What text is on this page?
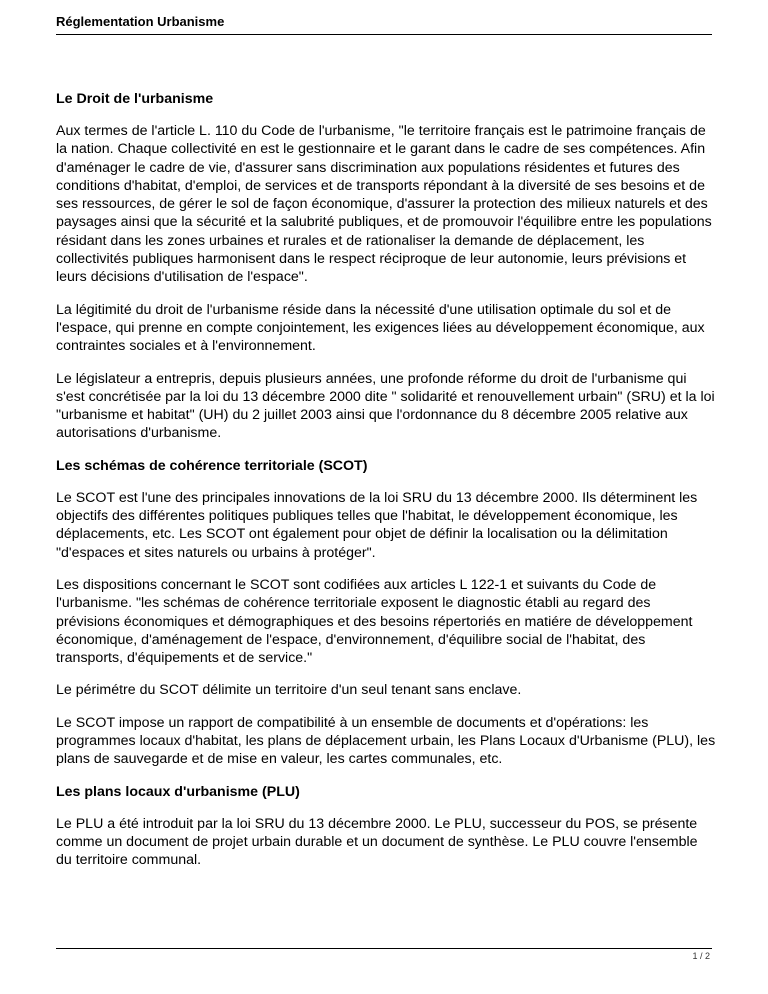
Réglementation Urbanisme
Le Droit de l'urbanisme

Aux termes de l'article L. 110 du Code de l'urbanisme, "le territoire français est le patrimoine français de la nation. Chaque collectivité en est le gestionnaire et le garant dans le cadre de ses compétences. Afin d'aménager le cadre de vie, d'assurer sans discrimination aux populations résidentes et futures des conditions d'habitat, d'emploi, de services et de transports répondant à la diversité de ses besoins et de ses ressources, de gérer le sol de façon économique, d'assurer la protection des milieux naturels et des paysages ainsi que la sécurité et la salubrité publiques, et de promouvoir l'équilibre entre les populations résidant dans les zones urbaines et rurales et de rationaliser la demande de déplacement, les collectivités publiques harmonisent dans le respect réciproque de leur autonomie, leurs prévisions et leurs décisions d'utilisation de l'espace".

La légitimité du droit de l'urbanisme réside dans la nécessité d'une utilisation optimale du sol et de l'espace, qui prenne en compte conjointement, les exigences liées au développement économique, aux contraintes sociales et à l'environnement.

Le législateur a entrepris, depuis plusieurs années, une profonde réforme du droit de l'urbanisme qui s'est concrétisée par la loi du 13 décembre 2000 dite " solidarité et renouvellement urbain" (SRU) et la loi "urbanisme et habitat" (UH) du 2 juillet 2003 ainsi que l'ordonnance du 8 décembre 2005 relative aux autorisations d'urbanisme.

Les schémas de cohérence territoriale (SCOT)

Le SCOT est l'une des principales innovations de la loi SRU du 13 décembre 2000. Ils déterminent les objectifs des différentes politiques publiques telles que l'habitat, le développement économique, les déplacements, etc. Les SCOT ont également pour objet de définir la localisation ou la délimitation "d'espaces et sites naturels ou urbains à protéger".

Les dispositions concernant le SCOT sont codifiées aux articles L 122-1 et suivants du Code de l'urbanisme. "les schémas de cohérence territoriale exposent le diagnostic établi au regard des prévisions économiques et démographiques et des besoins répertoriés en matiére de développement économique, d'aménagement de l'espace, d'environnement, d'équilibre social de l'habitat, des transports, d'équipements et de service."

Le périmétre du SCOT délimite un territoire d'un seul tenant sans enclave.

Le SCOT impose un rapport de compatibilité à un ensemble de documents et d'opérations: les programmes locaux d'habitat, les plans de déplacement urbain, les Plans Locaux d'Urbanisme (PLU), les plans de sauvegarde et de mise en valeur, les cartes communales, etc.

Les plans locaux d'urbanisme (PLU)

Le PLU a été introduit par la loi SRU du 13 décembre 2000. Le PLU, successeur du POS, se présente comme un document de projet urbain durable et un document de synthèse. Le PLU couvre l'ensemble du territoire communal.

1 / 2
